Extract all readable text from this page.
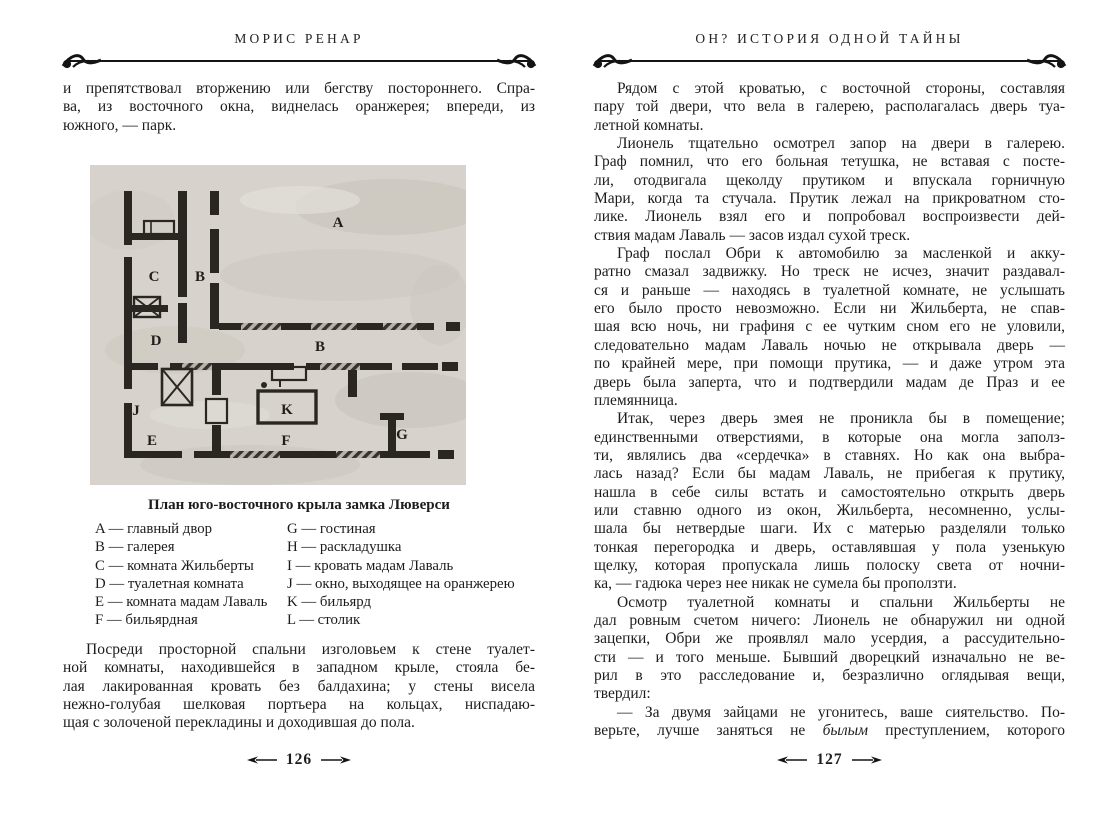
МОРИС РЕНАР
и препятствовал вторжению или бегству постороннего. Спра-
ва, из восточного окна, виднелась оранжерея; впереди, из
южного, — парк.
A
B
C
D	B
E	F	G
J	K
План юго-восточного крыла замка Люверси
A — главный двор	G — гостиная
B — галерея	H — раскладушка
C — комната Жильберты	I — кровать мадам Лаваль
D — туалетная комната	J — окно, выходящее на оранжерею
E — комната мадам Лаваль	K — бильярд
F — бильярдная	L — столик
Посреди просторной спальни изголовьем к стене туалет-
ной комнаты, находившейся в западном крыле, стояла бе-
лая лакированная кровать без балдахина; у стены висела
нежно-голубая шелковая портьера на кольцах, ниспадаю-
щая с золоченой перекладины и доходившая до пола.
126
ОН? ИСТОРИЯ ОДНОЙ ТАЙНЫ
Рядом с этой кроватью, с восточной стороны, составляя
пару той двери, что вела в галерею, располагалась дверь туа-
летной комнаты.
Лионель тщательно осмотрел запор на двери в галерею.
Граф помнил, что его больная тетушка, не вставая с посте-
ли, отодвигала щеколду прутиком и впускала горничную
Мари, когда та стучала. Прутик лежал на прикроватном сто-
лике. Лионель взял его и попробовал воспроизвести дей-
ствия мадам Лаваль — засов издал сухой треск.
Граф послал Обри к автомобилю за масленкой и акку-
ратно смазал задвижку. Но треск не исчез, значит раздавал-
ся и раньше — находясь в туалетной комнате, не услышать
его было просто невозможно. Если ни Жильберта, не спав-
шая всю ночь, ни графиня с ее чутким сном его не уловили,
следовательно мадам Лаваль ночью не открывала дверь —
по крайней мере, при помощи прутика, — и даже утром эта
дверь была заперта, что и подтвердили мадам де Праз и ее
племянница.
Итак, через дверь змея не проникла бы в помещение;
единственными отверстиями, в которые она могла заполз-
ти, являлись два «сердечка» в ставнях. Но как она выбра-
лась назад? Если бы мадам Лаваль, не прибегая к прутику,
нашла в себе силы встать и самостоятельно открыть дверь
или ставню одного из окон, Жильберта, несомненно, услы-
шала бы нетвердые шаги. Их с матерью разделяли только
тонкая перегородка и дверь, оставлявшая у пола узенькую
щелку, которая пропускала лишь полоску света от ночни-
ка, — гадюка через нее никак не сумела бы проползти.
Осмотр туалетной комнаты и спальни Жильберты не
дал ровным счетом ничего: Лионель не обнаружил ни одной
зацепки, Обри же проявлял мало усердия, а рассудительно-
сти — и того меньше. Бывший дворецкий изначально не ве-
рил в это расследование и, безразлично оглядывая вещи,
твердил:
— За двумя зайцами не угонитесь, ваше сиятельство. По-
верьте, лучше заняться не былым преступлением, которого
127
